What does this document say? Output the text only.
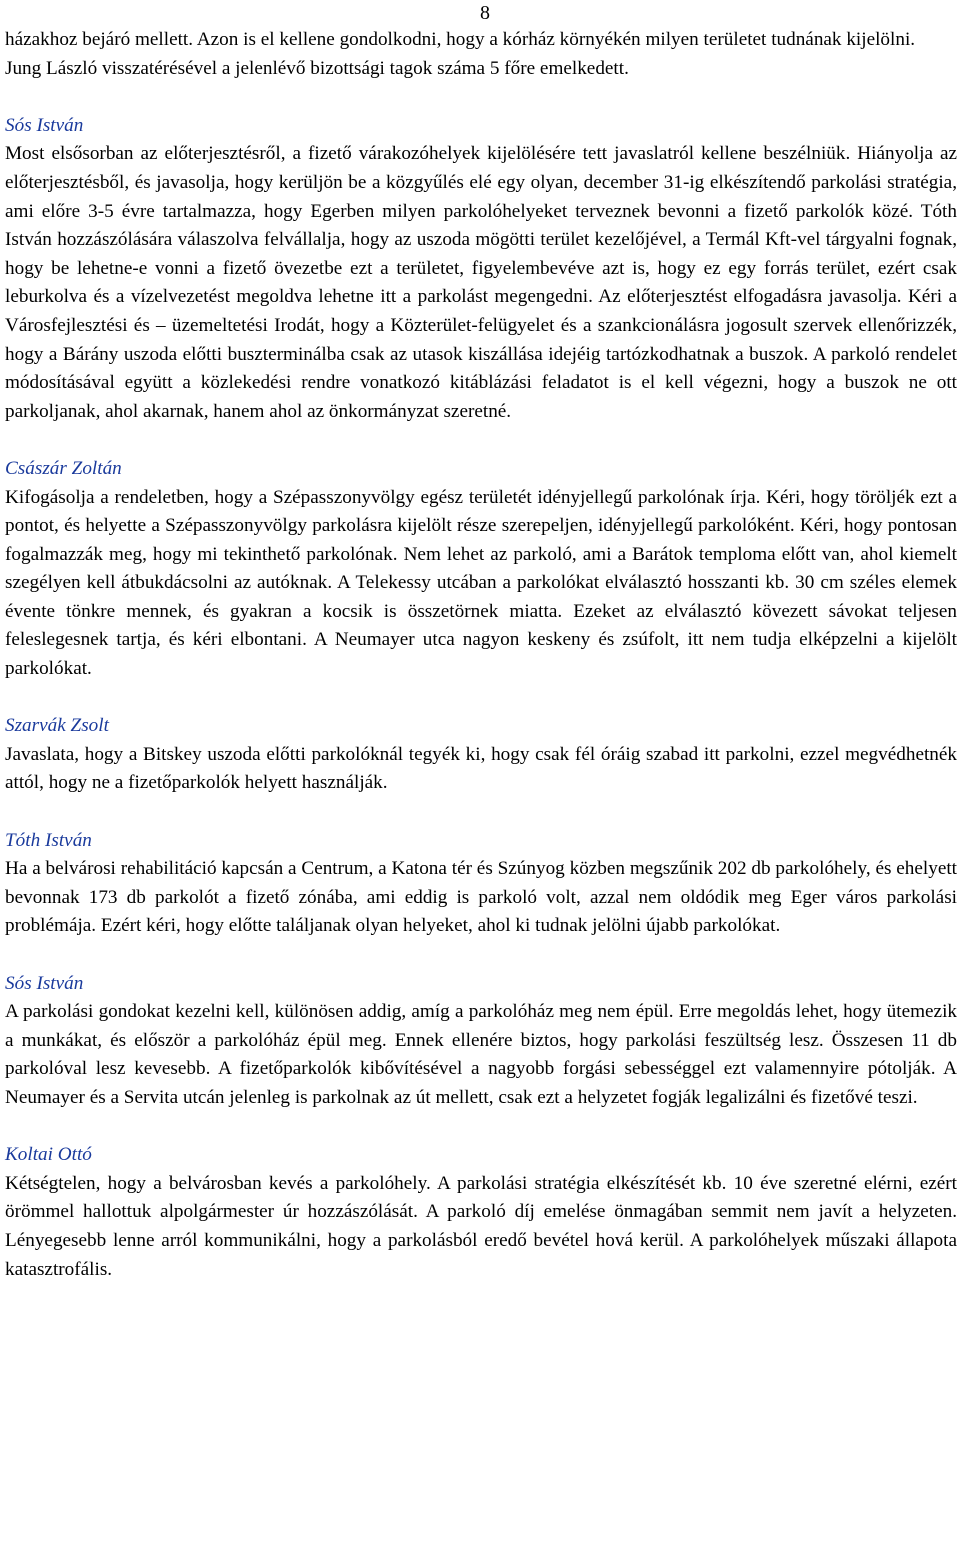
8

házakhoz bejáró mellett. Azon is el kellene gondolkodni, hogy a kórház környékén milyen területet tudnának kijelölni.

Jung László visszatérésével a jelenlévő bizottsági tagok száma 5 főre emelkedett.

Sós István

Most elsősorban az előterjesztésről, a fizető várakozóhelyek kijelölésére tett javaslatról kellene beszélniük. Hiányolja az előterjesztésből, és javasolja, hogy kerüljön be a közgyűlés elé egy olyan, december 31-ig elkészítendő parkolási stratégia, ami előre 3-5 évre tartalmazza, hogy Egerben milyen parkolóhelyeket terveznek bevonni a fizető parkolók közé. Tóth István hozzászólására válaszolva felvállalja, hogy az uszoda mögötti terület kezelőjével, a Termál Kft-vel tárgyalni fognak, hogy be lehetne-e vonni a fizető övezetbe ezt a területet, figyelembevéve azt is, hogy ez egy forrás terület, ezért csak leburkolva és a vízelvezetést megoldva lehetne itt a parkolást megengedni. Az előterjesztést elfogadásra javasolja. Kéri a Városfejlesztési és – üzemeltetési Irodát, hogy a Közterület-felügyelet és a szankcionálásra jogosult szervek ellenőrizzék, hogy a Bárány uszoda előtti buszterminálba csak az utasok kiszállása idejéig tartózkodhatnak a buszok. A parkoló rendelet módosításával együtt a közlekedési rendre vonatkozó kitáblázási feladatot is el kell végezni, hogy a buszok ne ott parkoljanak, ahol akarnak, hanem ahol az önkormányzat szeretné.

Császár Zoltán

Kifogásolja a rendeletben, hogy a Szépasszonyvölgy egész területét idényjellegű parkolónak írja. Kéri, hogy töröljék ezt a pontot, és helyette a Szépasszonyvölgy parkolásra kijelölt része szerepeljen, idényjellegű parkolóként. Kéri, hogy pontosan fogalmazzák meg, hogy mi tekinthető parkolónak. Nem lehet az parkoló, ami a Barátok temploma előtt van, ahol kiemelt szegélyen kell átbukdácsolni az autóknak. A Telekessy utcában a parkolókat elválasztó hosszanti kb. 30 cm széles elemek évente tönkre mennek, és gyakran a kocsik is összetörnek miatta. Ezeket az elválasztó kövezett sávokat teljesen feleslegesnek tartja, és kéri elbontani. A Neumayer utca nagyon keskeny és zsúfolt, itt nem tudja elképzelni a kijelölt parkolókat.

Szarvák Zsolt

Javaslata, hogy a Bitskey uszoda előtti parkolóknál tegyék ki, hogy csak fél óráig szabad itt parkolni, ezzel megvédhetnék attól, hogy ne a fizetőparkolók helyett használják.

Tóth István

Ha a belvárosi rehabilitáció kapcsán a Centrum, a Katona tér és Szúnyog közben megszűnik 202 db parkolóhely, és ehelyett bevonnak 173 db parkolót a fizető zónába, ami eddig is parkoló volt, azzal nem oldódik meg Eger város parkolási problémája. Ezért kéri, hogy előtte találjanak olyan helyeket, ahol ki tudnak jelölni újabb parkolókat.

Sós István

A parkolási gondokat kezelni kell, különösen addig, amíg a parkolóház meg nem épül. Erre megoldás lehet, hogy ütemezik a munkákat, és először a parkolóház épül meg. Ennek ellenére biztos, hogy parkolási feszültség lesz. Összesen 11 db parkolóval lesz kevesebb. A fizetőparkolók kibővítésével a nagyobb forgási sebességgel ezt valamennyire pótolják. A Neumayer és a Servita utcán jelenleg is parkolnak az út mellett, csak ezt a helyzetet fogják legalizálni és fizetővé teszi.

Koltai Ottó

Kétségtelen, hogy a belvárosban kevés a parkolóhely. A parkolási stratégia elkészítését kb. 10 éve szeretné elérni, ezért örömmel hallottuk alpolgármester úr hozzászólását. A parkoló díj emelése önmagában semmit nem javít a helyzeten. Lényegesebb lenne arról kommunikálni, hogy a parkolásból eredő bevétel hová kerül. A parkolóhelyek műszaki állapota katasztrofális.
